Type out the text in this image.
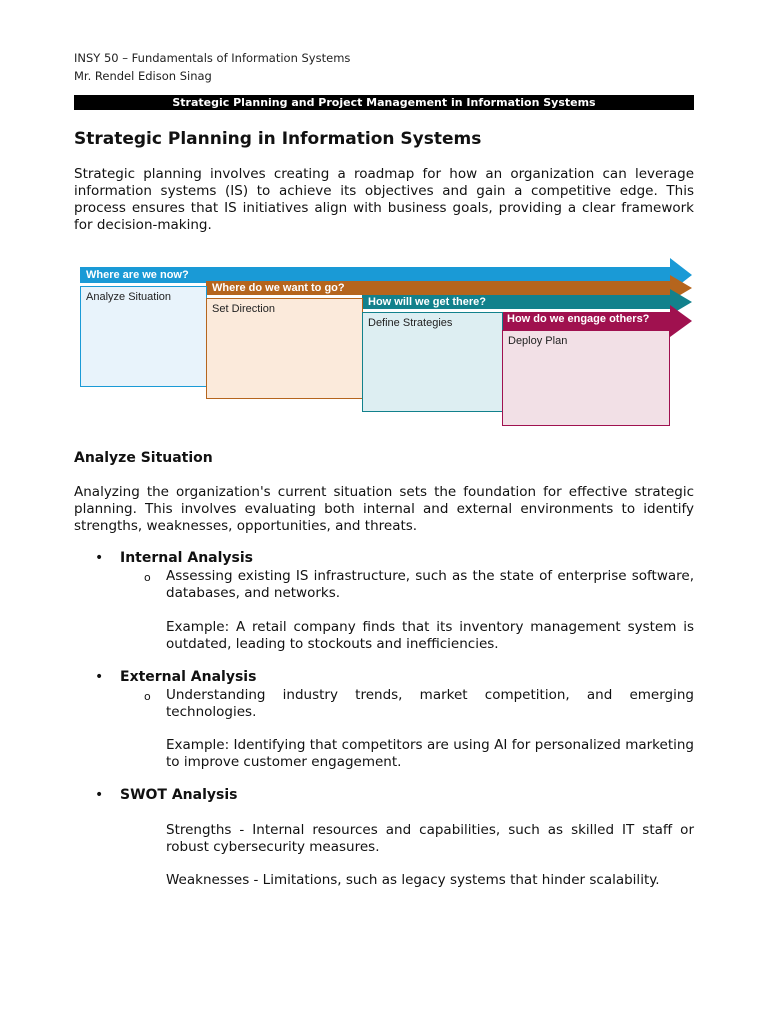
INSY 50 – Fundamentals of Information Systems
Mr. Rendel Edison Sinag
Strategic Planning and Project Management in Information Systems
Strategic Planning in Information Systems

Strategic planning involves creating a roadmap for how an organization can leverage information systems (IS) to achieve its objectives and gain a competitive edge. This process ensures that IS initiatives align with business goals, providing a clear framework for decision-making.

Analyze Situation
Set Direction
Define Strategies
Deploy Plan
Where are we now?
Where do we want to go?
How will we get there?
How do we engage others?
Analyze Situation

Analyzing the organization's current situation sets the foundation for effective strategic planning. This involves evaluating both internal and external environments to identify strengths, weaknesses, opportunities, and threats.

• Internal Analysis
o Assessing existing IS infrastructure, such as the state of enterprise software, databases, and networks.

Example: A retail company finds that its inventory management system is outdated, leading to stockouts and inefficiencies.

• External Analysis
o Understanding industry trends, market competition, and emerging technologies.

Example: Identifying that competitors are using AI for personalized marketing to improve customer engagement.

• SWOT Analysis

Strengths - Internal resources and capabilities, such as skilled IT staff or robust cybersecurity measures.

Weaknesses - Limitations, such as legacy systems that hinder scalability.
